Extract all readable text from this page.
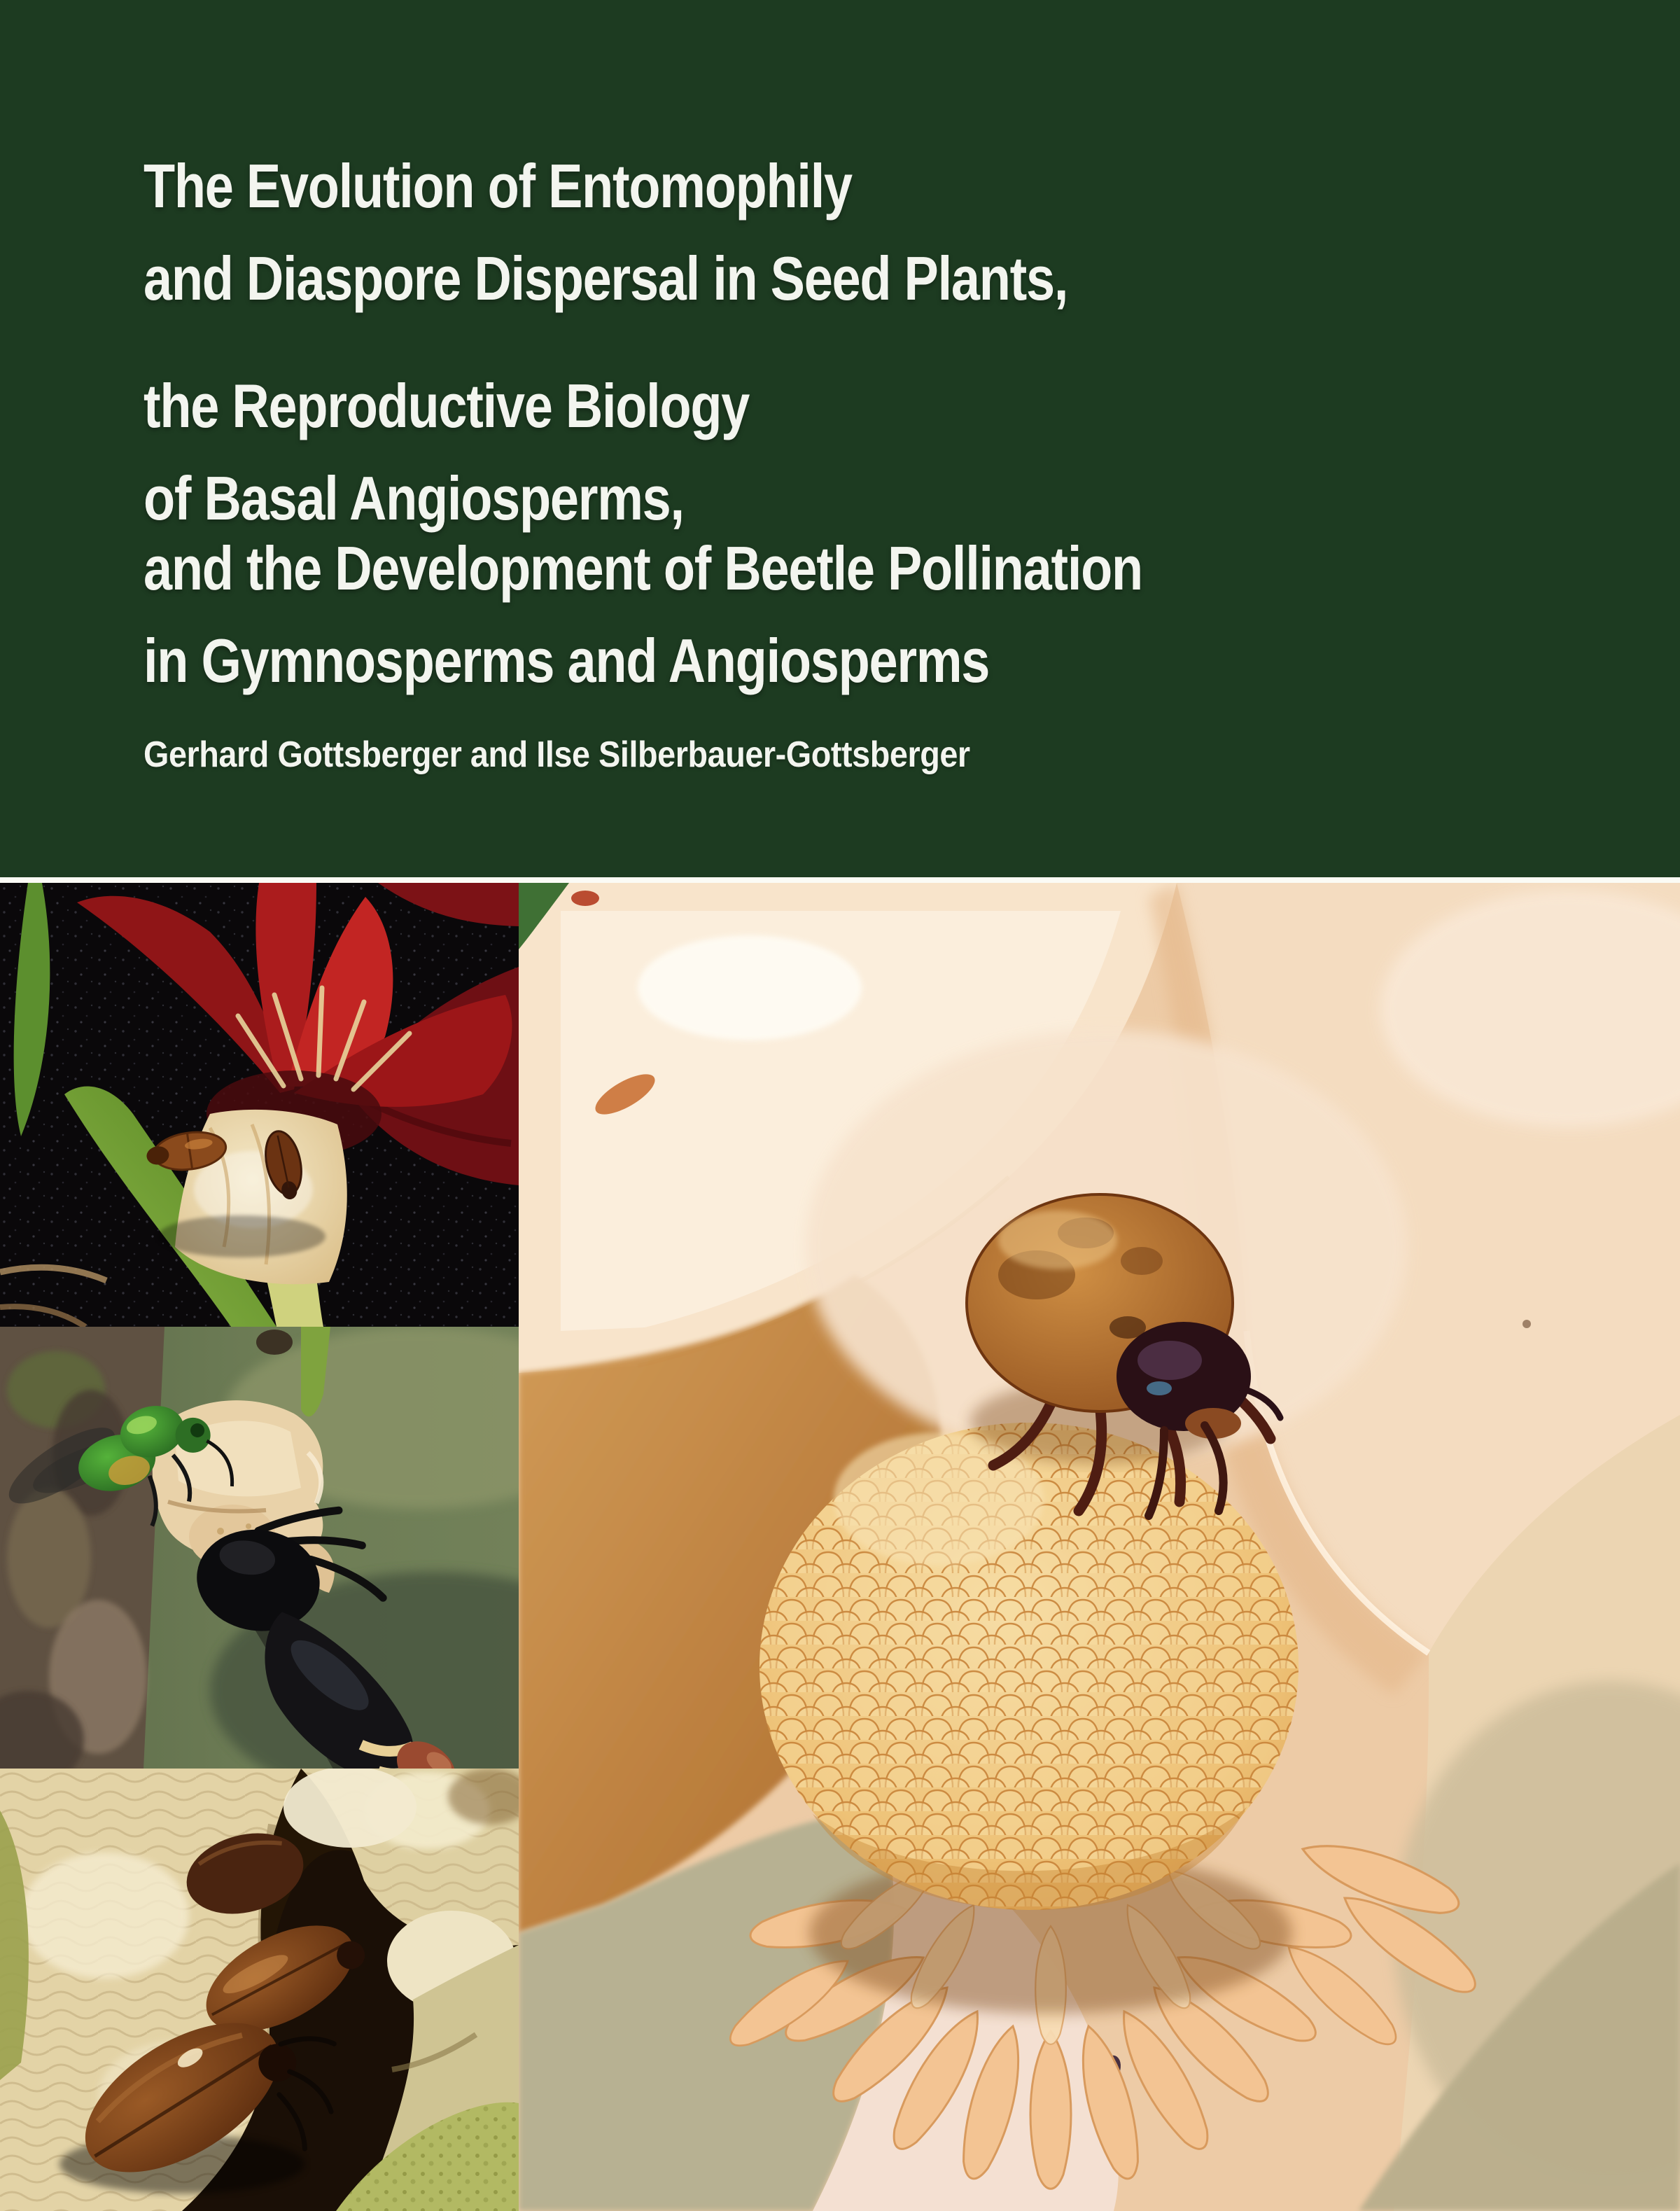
The Evolution of Entomophily
and Diaspore Dispersal in Seed Plants,
the Reproductive Biology
of Basal Angiosperms,
and the Development of Beetle Pollination
in Gymnosperms and Angiosperms
Gerhard Gottsberger and Ilse Silberbauer-Gottsberger
